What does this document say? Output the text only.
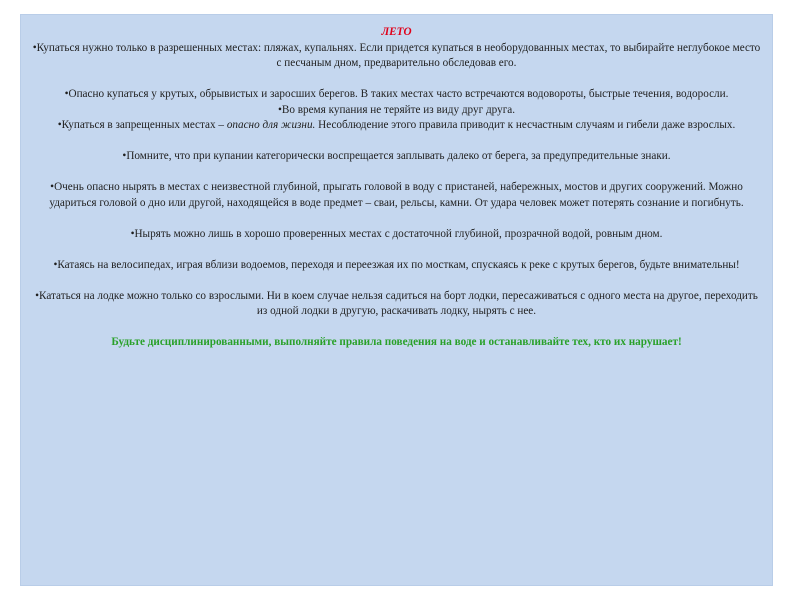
ЛЕТО

•Купаться нужно только в разрешенных местах: пляжах, купальнях. Если придется купаться в необорудованных местах, то выбирайте неглубокое место с песчаным дном, предварительно обследовав его.

•Опасно купаться у крутых, обрывистых и заросших берегов. В таких местах часто встречаются водовороты, быстрые течения, водоросли.

•Во время купания не теряйте из виду друг друга.

•Купаться в запрещенных местах – опасно для жизни. Несоблюдение этого правила приводит к несчастным случаям и гибели даже взрослых.

•Помните, что при купании категорически воспрещается заплывать далеко от берега, за предупредительные знаки.

•Очень опасно нырять в местах с неизвестной глубиной, прыгать головой в воду с пристаней, набережных, мостов и других сооружений. Можно удариться головой о дно или другой, находящейся в воде предмет – сваи, рельсы, камни. От удара человек может потерять сознание и погибнуть.

•Нырять можно лишь в хорошо проверенных местах с достаточной глубиной, прозрачной водой, ровным дном.

•Катаясь на велосипедах, играя вблизи водоемов, переходя и переезжая их по мосткам, спускаясь к реке с крутых берегов, будьте внимательны!

•Кататься на лодке можно только со взрослыми. Ни в коем случае нельзя садиться на борт лодки, пересаживаться с одного места на другое, переходить из одной лодки в другую, раскачивать лодку, нырять с нее.

Будьте дисциплинированными, выполняйте правила поведения на воде и останавливайте тех, кто их нарушает!
